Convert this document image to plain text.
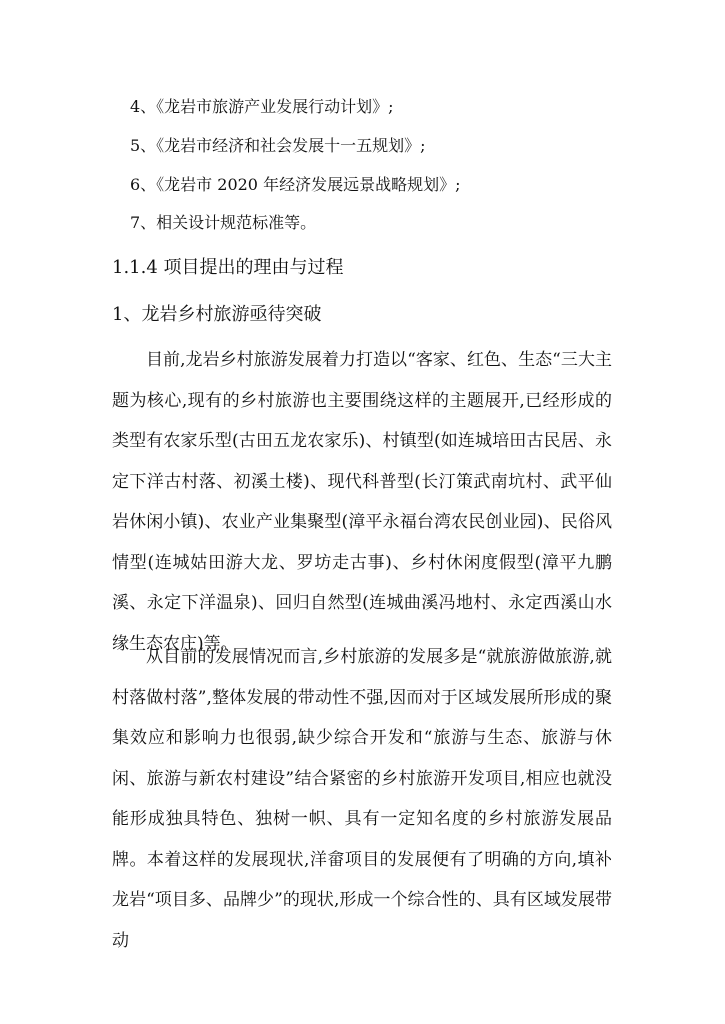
4、《龙岩市旅游产业发展行动计划》;
5、《龙岩市经济和社会发展十一五规划》;
6、《龙岩市 2020 年经济发展远景战略规划》;
7、相关设计规范标准等。
1.1.4 项目提出的理由与过程
1、龙岩乡村旅游亟待突破

目前,龙岩乡村旅游发展着力打造以“客家、红色、生态“三大主题为核心,现有的乡村旅游也主要围绕这样的主题展开,已经形成的类型有农家乐型(古田五龙农家乐)、村镇型(如连城培田古民居、永定下洋古村落、初溪土楼)、现代科普型(长汀策武南坑村、武平仙岩休闲小镇)、农业产业集聚型(漳平永福台湾农民创业园)、民俗风情型(连城姑田游大龙、罗坊走古事)、乡村休闲度假型(漳平九鹏溪、永定下洋温泉)、回归自然型(连城曲溪冯地村、永定西溪山水缘生态农庄)等。

从目前的发展情况而言,乡村旅游的发展多是“就旅游做旅游,就村落做村落”,整体发展的带动性不强,因而对于区域发展所形成的聚集效应和影响力也很弱,缺少综合开发和“旅游与生态、旅游与休闲、旅游与新农村建设”结合紧密的乡村旅游开发项目,相应也就没能形成独具特色、独树一帜、具有一定知名度的乡村旅游发展品牌。本着这样的发展现状,洋畲项目的发展便有了明确的方向,填补龙岩“项目多、品牌少”的现状,形成一个综合性的、具有区域发展带动
